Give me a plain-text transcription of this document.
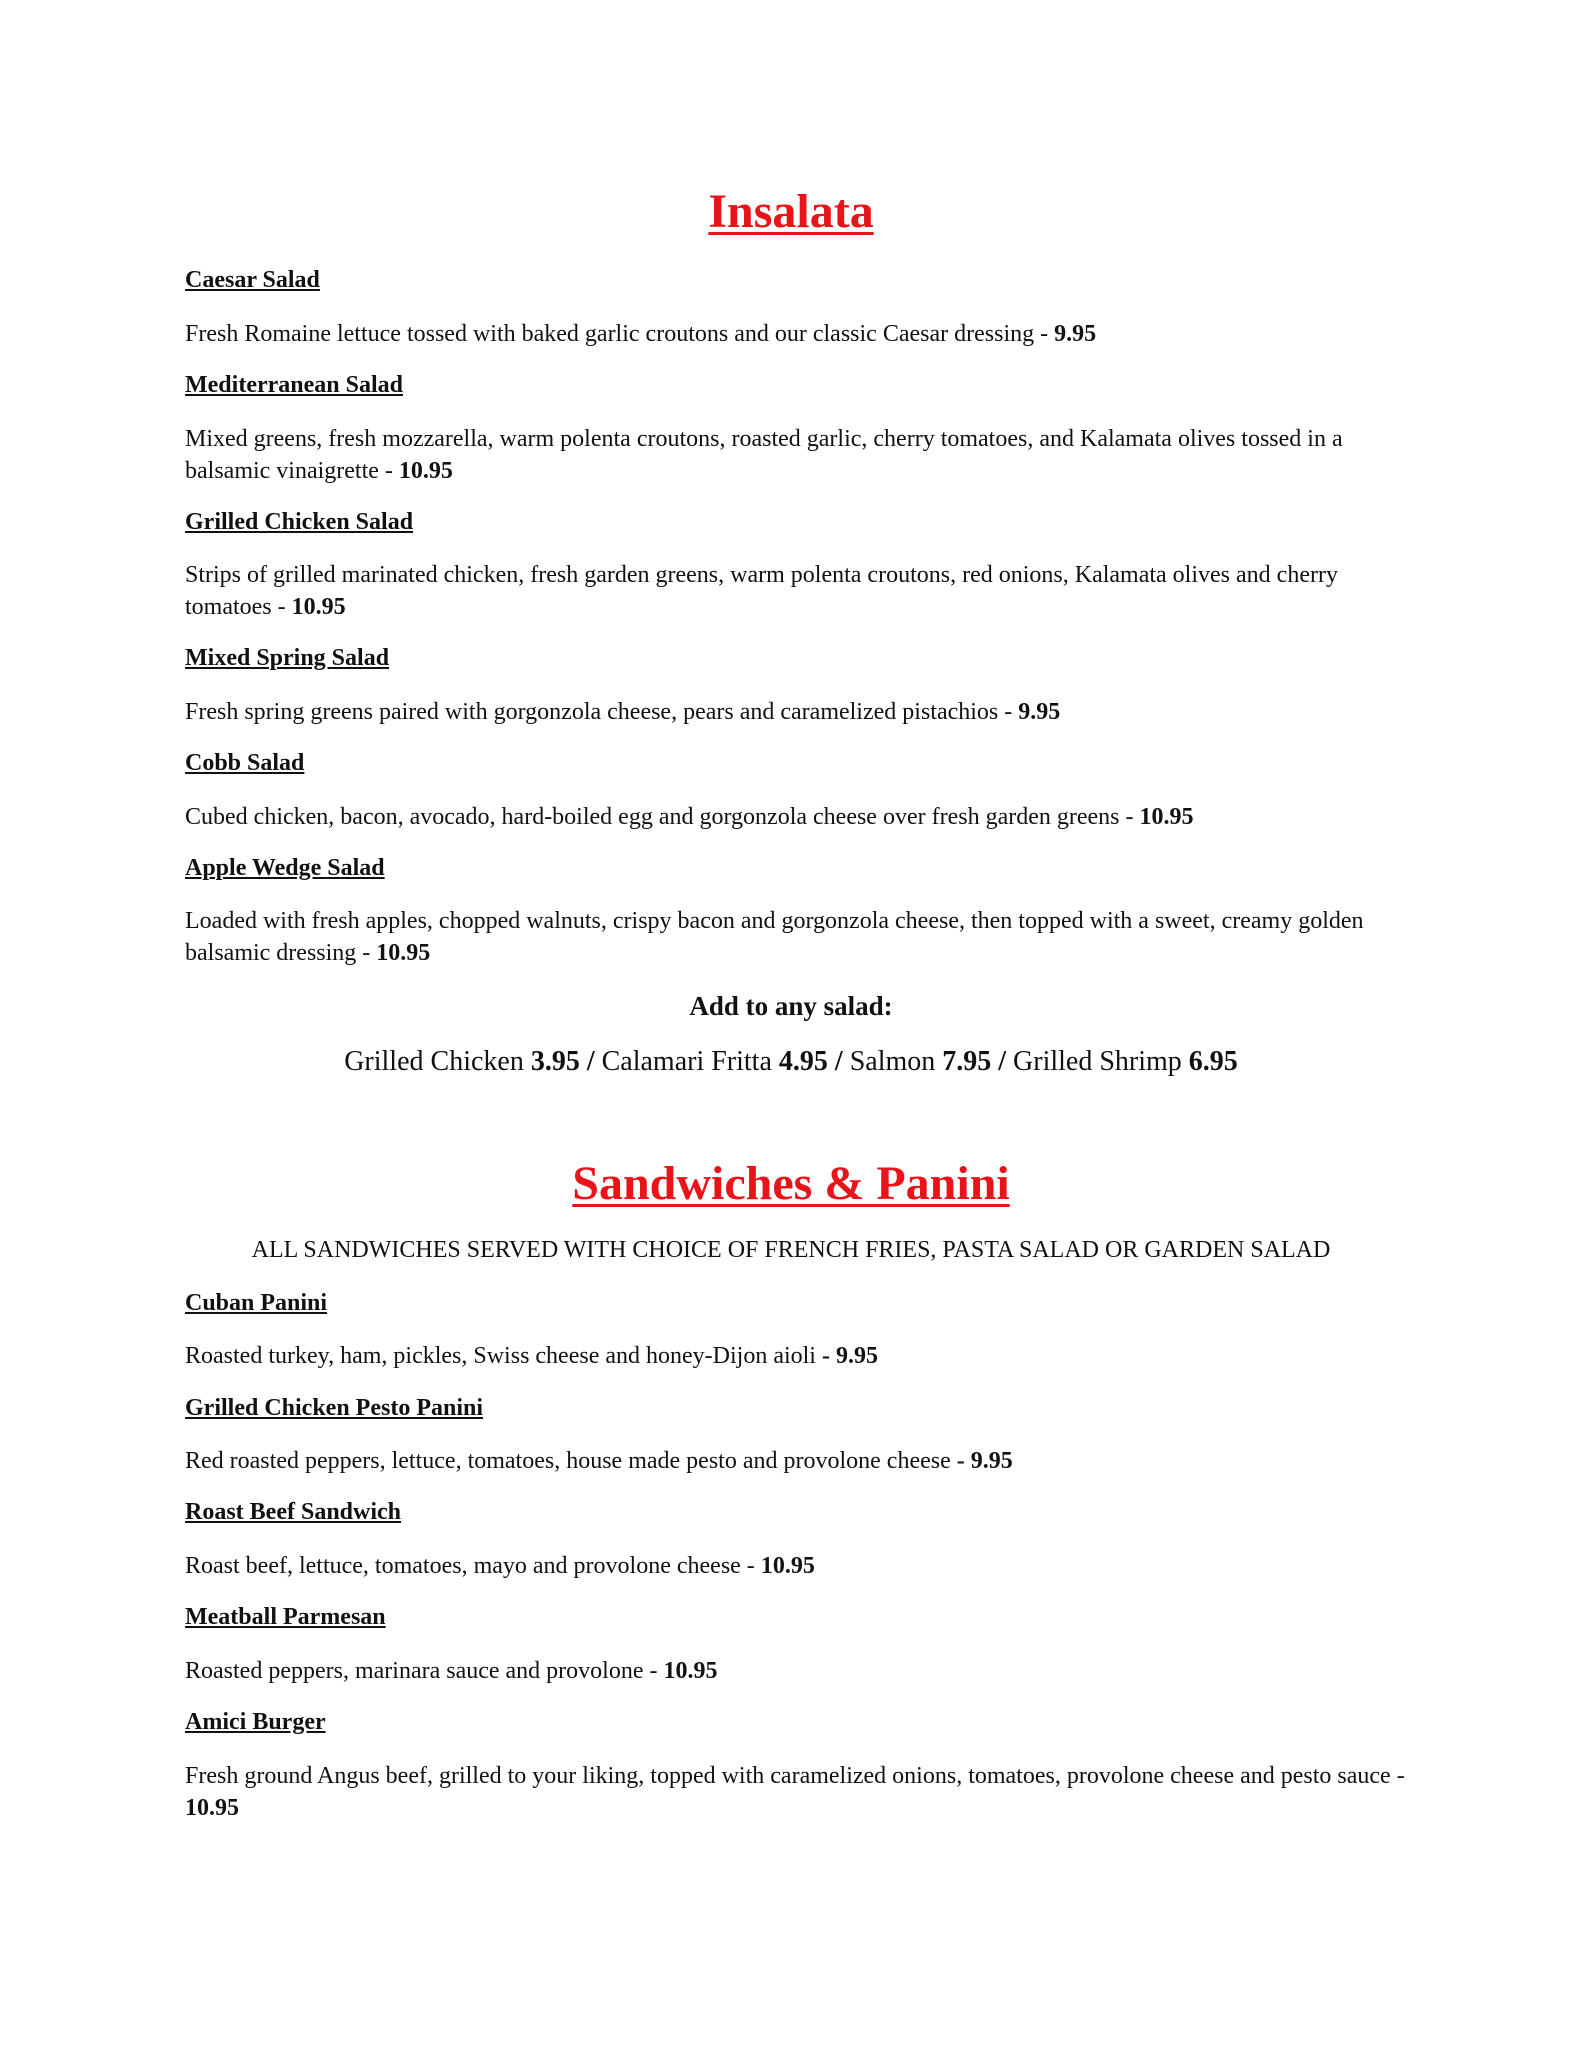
Insalata

Caesar Salad

Fresh Romaine lettuce tossed with baked garlic croutons and our classic Caesar dressing - 9.95

Mediterranean Salad

Mixed greens, fresh mozzarella, warm polenta croutons, roasted garlic, cherry tomatoes, and Kalamata olives tossed in a balsamic vinaigrette - 10.95

Grilled Chicken Salad

Strips of grilled marinated chicken, fresh garden greens, warm polenta croutons, red onions, Kalamata olives and cherry tomatoes - 10.95

Mixed Spring Salad

Fresh spring greens paired with gorgonzola cheese, pears and caramelized pistachios - 9.95

Cobb Salad

Cubed chicken, bacon, avocado, hard-boiled egg and gorgonzola cheese over fresh garden greens - 10.95

Apple Wedge Salad

Loaded with fresh apples, chopped walnuts, crispy bacon and gorgonzola cheese, then topped with a sweet, creamy golden balsamic dressing - 10.95

Add to any salad:

Grilled Chicken 3.95 / Calamari Fritta 4.95 / Salmon 7.95 / Grilled Shrimp 6.95

Sandwiches & Panini

ALL SANDWICHES SERVED WITH CHOICE OF FRENCH FRIES, PASTA SALAD OR GARDEN SALAD

Cuban Panini

Roasted turkey, ham, pickles, Swiss cheese and honey-Dijon aioli - 9.95

Grilled Chicken Pesto Panini

Red roasted peppers, lettuce, tomatoes, house made pesto and provolone cheese - 9.95

Roast Beef Sandwich

Roast beef, lettuce, tomatoes, mayo and provolone cheese - 10.95

Meatball Parmesan

Roasted peppers, marinara sauce and provolone - 10.95

Amici Burger

Fresh ground Angus beef, grilled to your liking, topped with caramelized onions, tomatoes, provolone cheese and pesto sauce - 10.95
